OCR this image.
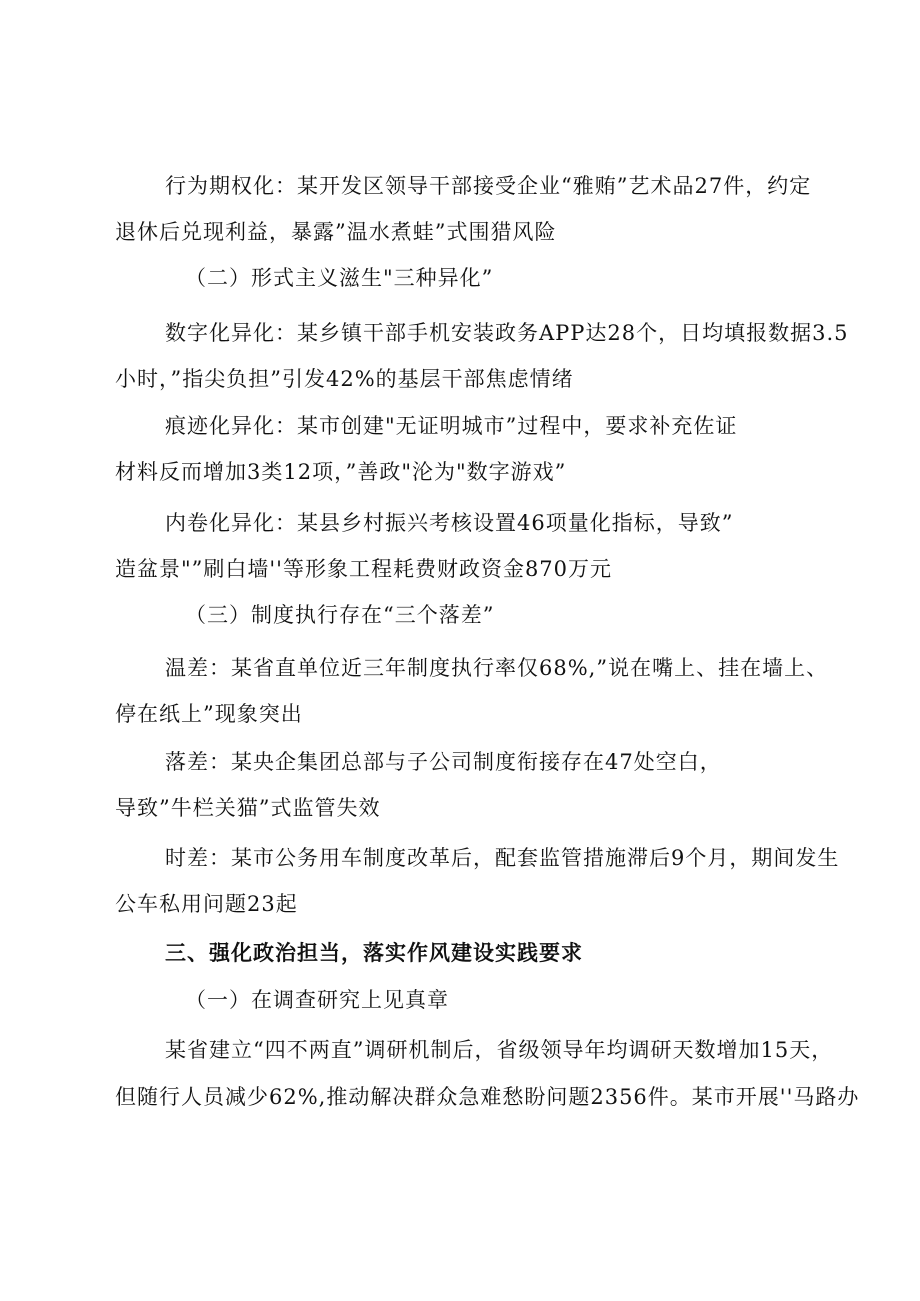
行为期权化：某开发区领导干部接受企业“雅贿”艺术品27件，约定
退休后兑现利益，暴露”温水煮蛙”式围猎风险
（二）形式主义滋生"三种异化”
数字化异化：某乡镇干部手机安装政务APP达28个，日均填报数据3.5
小时，”指尖负担”引发42%的基层干部焦虑情绪
痕迹化异化：某市创建"无证明城市”过程中，要求补充佐证
材料反而增加3类12项，”善政"沦为"数字游戏”
内卷化异化：某县乡村振兴考核设置46项量化指标，导致”
造盆景"”刷白墙''等形象工程耗费财政资金870万元
（三）制度执行存在“三个落差”
温差：某省直单位近三年制度执行率仅68%,”说在嘴上、挂在墙上、
停在纸上”现象突出
落差：某央企集团总部与子公司制度衔接存在47处空白，
导致”牛栏关猫”式监管失效
时差：某市公务用车制度改革后，配套监管措施滞后9个月，期间发生
公车私用问题23起
三、强化政治担当，落实作风建设实践要求
（一）在调查研究上见真章
某省建立“四不两直”调研机制后，省级领导年均调研天数增加15天，
但随行人员减少62%,推动解决群众急难愁盼问题2356件。某市开展''马路办
